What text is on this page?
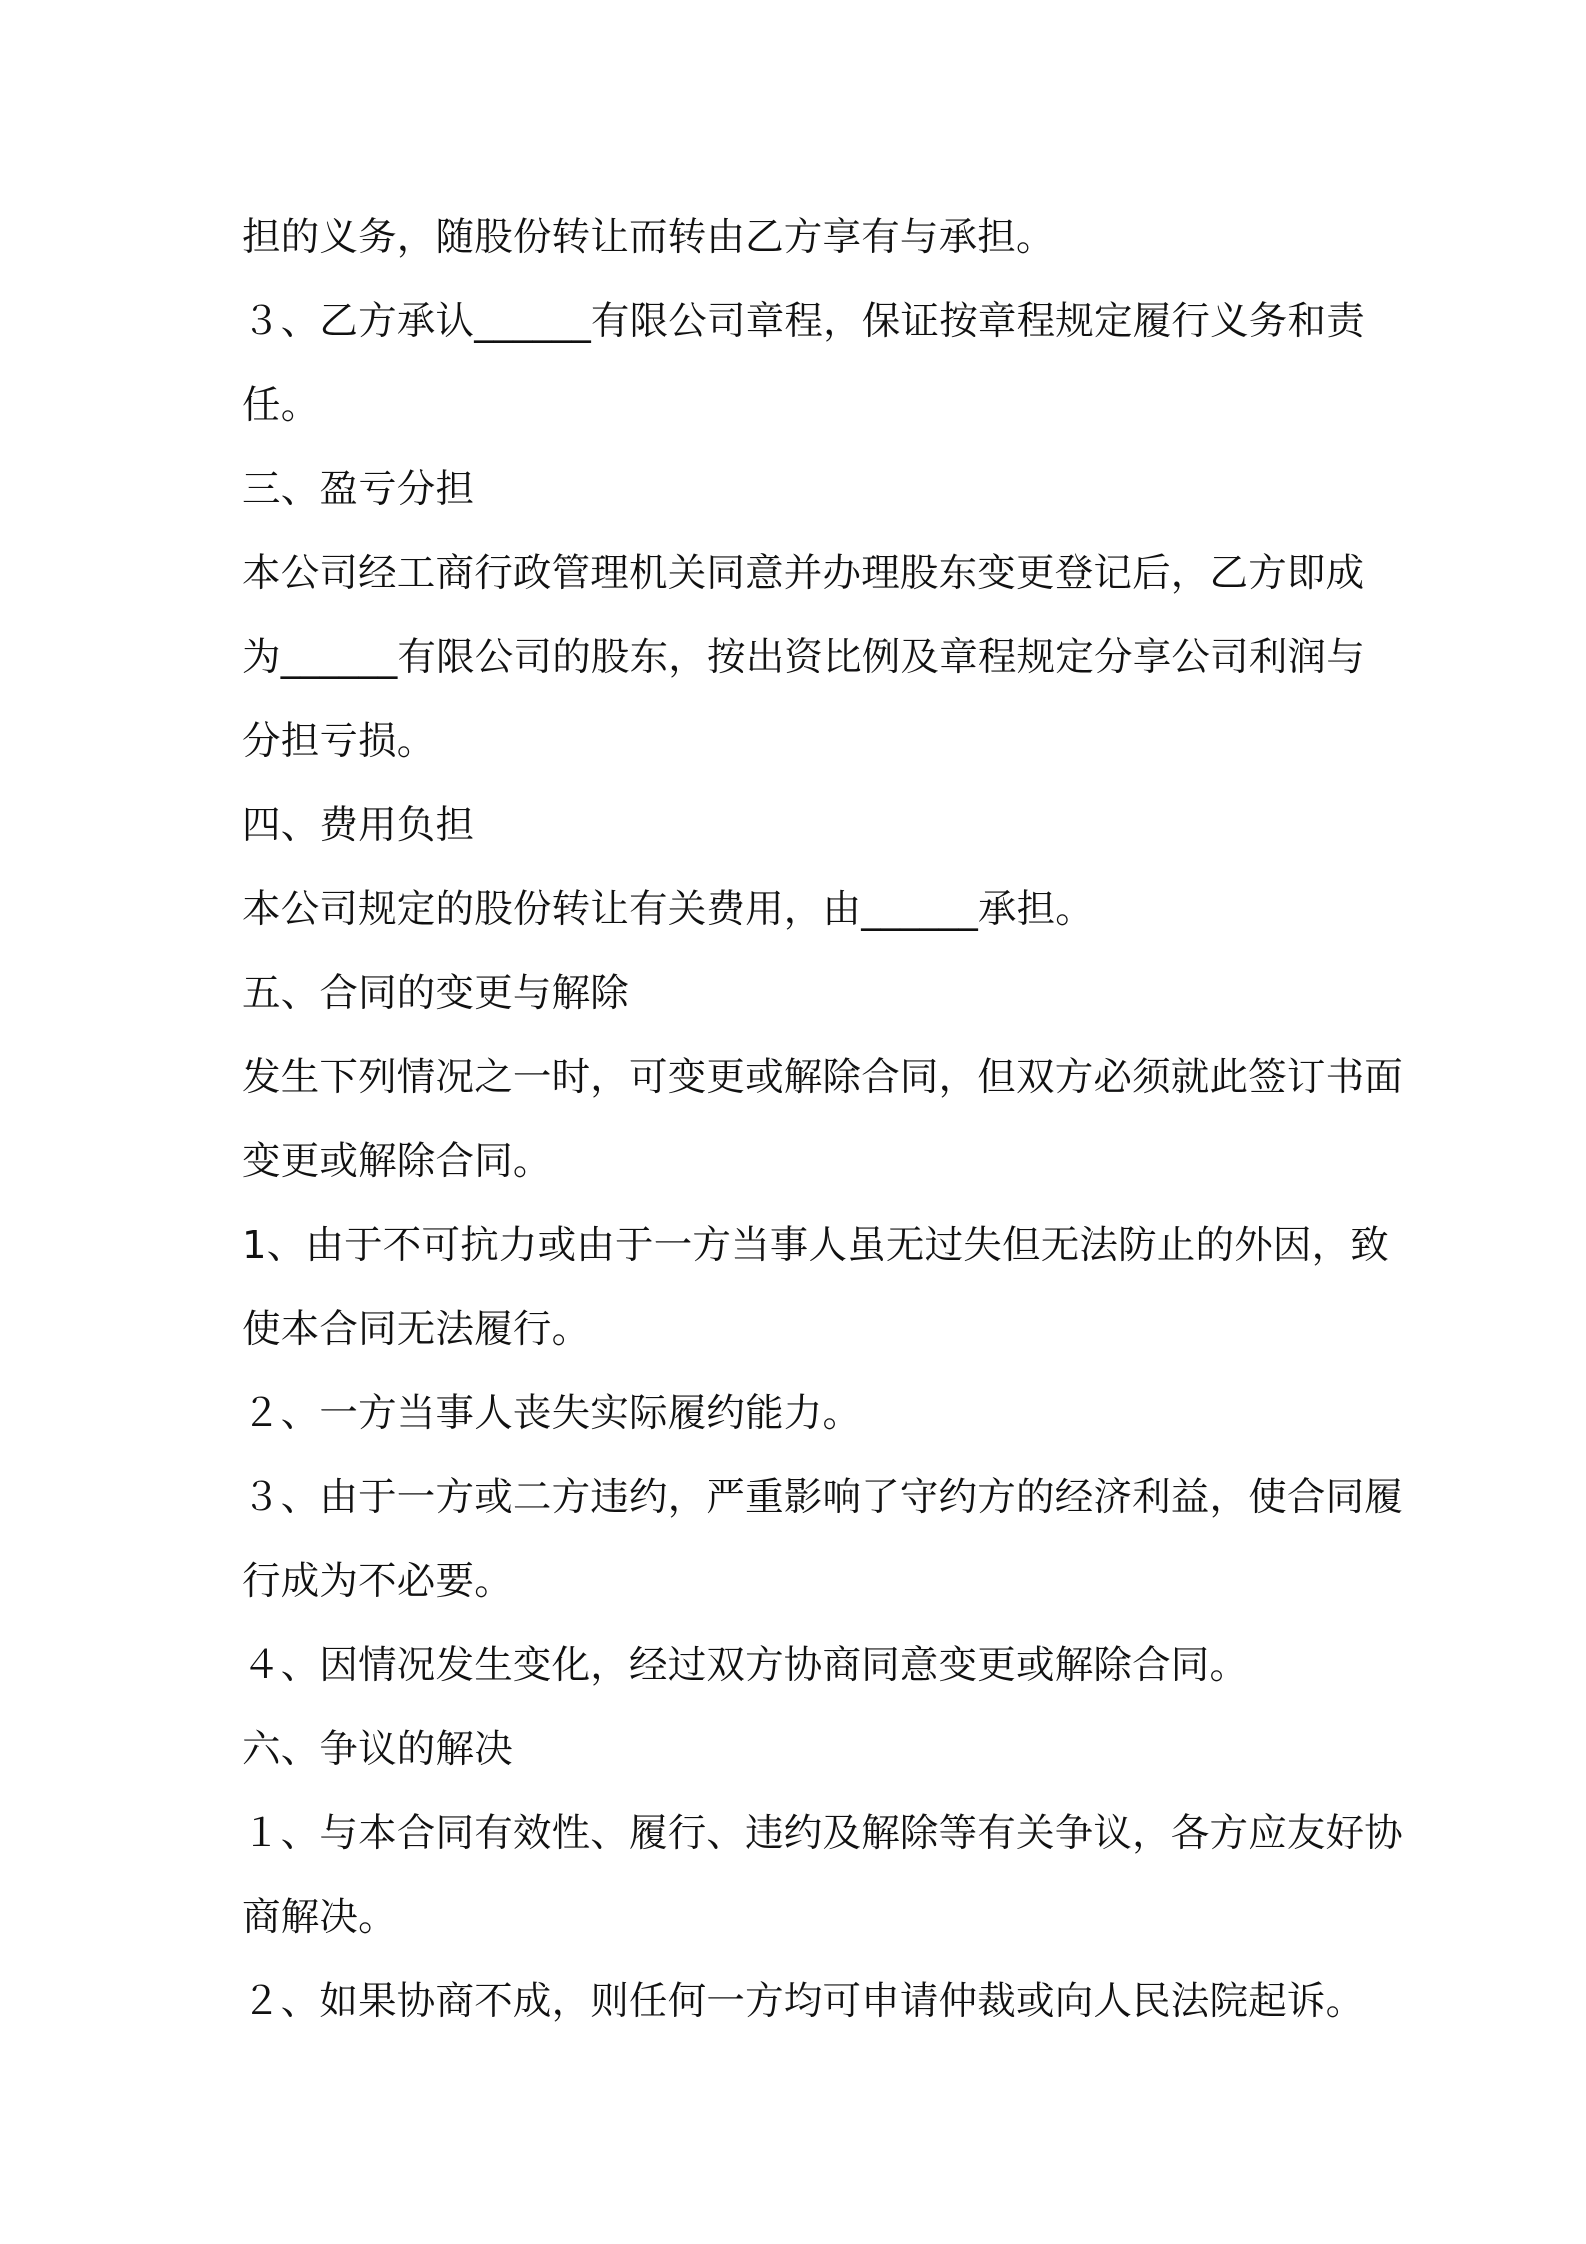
担的义务，随股份转让而转由乙方享有与承担。
３、乙方承认______有限公司章程，保证按章程规定履行义务和责
任。
三、盈亏分担
本公司经工商行政管理机关同意并办理股东变更登记后，乙方即成
为______有限公司的股东，按出资比例及章程规定分享公司利润与
分担亏损。
四、费用负担
本公司规定的股份转让有关费用，由______承担。
五、合同的变更与解除
发生下列情况之一时，可变更或解除合同，但双方必须就此签订书面
变更或解除合同。
1、由于不可抗力或由于一方当事人虽无过失但无法防止的外因，致
使本合同无法履行。
２、一方当事人丧失实际履约能力。
３、由于一方或二方违约，严重影响了守约方的经济利益，使合同履
行成为不必要。
４、因情况发生变化，经过双方协商同意变更或解除合同。
六、争议的解决
１、与本合同有效性、履行、违约及解除等有关争议，各方应友好协
商解决。
２、如果协商不成，则任何一方均可申请仲裁或向人民法院起诉。
